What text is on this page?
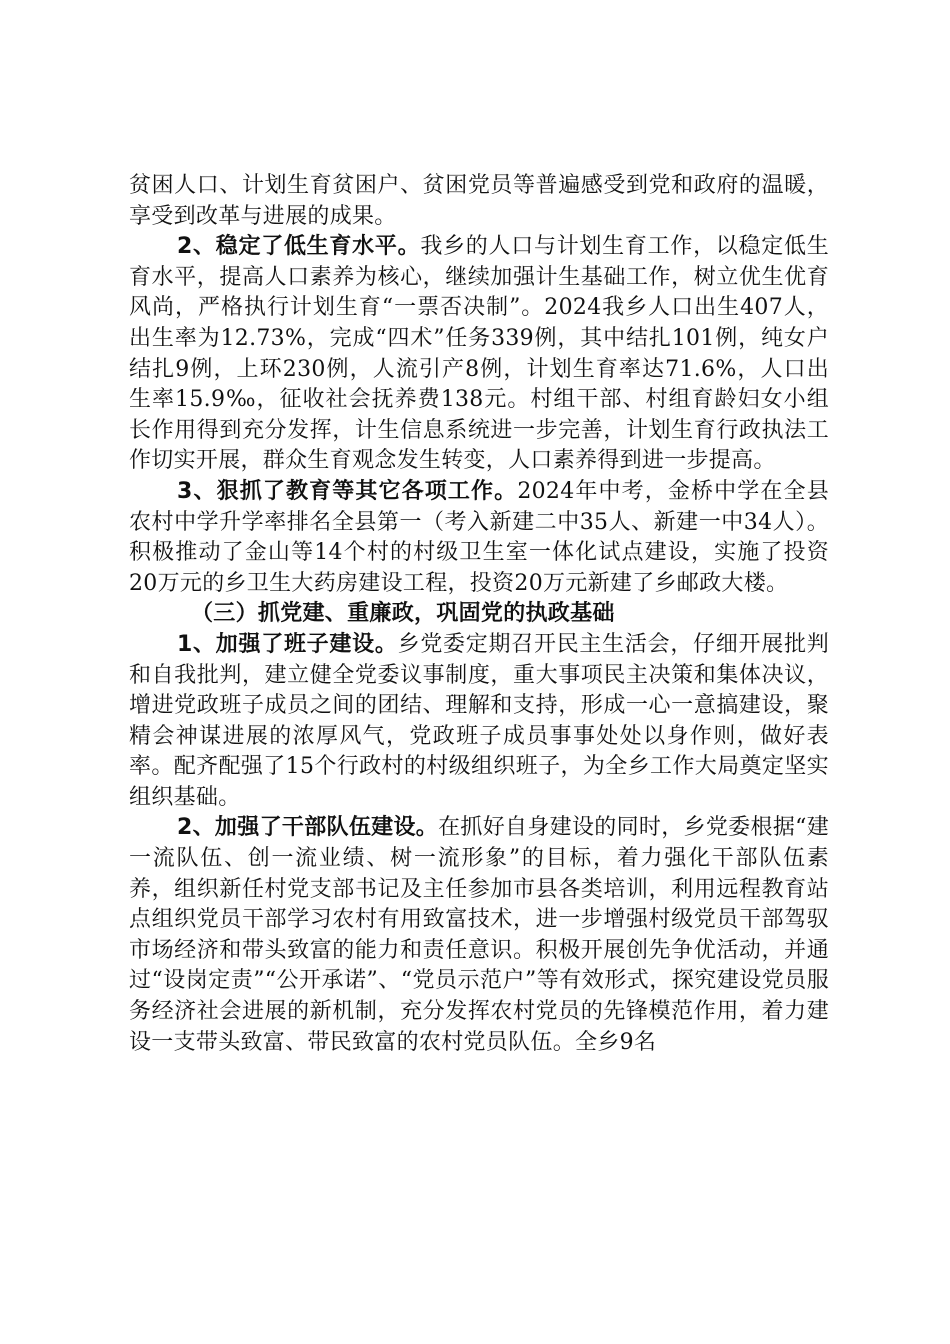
贫困人口、计划生育贫困户、贫困党员等普遍感受到党和政府的温暖，享受到改革与进展的成果。

2、稳定了低生育水平。我乡的人口与计划生育工作，以稳定低生育水平，提高人口素养为核心，继续加强计生基础工作，树立优生优育风尚，严格执行计划生育“一票否决制”。2024我乡人口出生407人，出生率为12.73%，完成“四术”任务339例，其中结扎101例，纯女户结扎9例，上环230例，人流引产8例，计划生育率达71.6%，人口出生率15.9‰，征收社会抚养费138元。村组干部、村组育龄妇女小组长作用得到充分发挥，计生信息系统进一步完善，计划生育行政执法工作切实开展，群众生育观念发生转变，人口素养得到进一步提高。

3、狠抓了教育等其它各项工作。2024年中考，金桥中学在全县农村中学升学率排名全县第一（考入新建二中35人、新建一中34人）。积极推动了金山等14个村的村级卫生室一体化试点建设，实施了投资20万元的乡卫生大药房建设工程，投资20万元新建了乡邮政大楼。

（三）抓党建、重廉政，巩固党的执政基础

1、加强了班子建设。乡党委定期召开民主生活会，仔细开展批判和自我批判，建立健全党委议事制度，重大事项民主决策和集体决议，增进党政班子成员之间的团结、理解和支持，形成一心一意搞建设，聚精会神谋进展的浓厚风气，党政班子成员事事处处以身作则，做好表率。配齐配强了15个行政村的村级组织班子，为全乡工作大局奠定坚实组织基础。

2、加强了干部队伍建设。在抓好自身建设的同时，乡党委根据“建一流队伍、创一流业绩、树一流形象”的目标，着力强化干部队伍素养，组织新任村党支部书记及主任参加市县各类培训，利用远程教育站点组织党员干部学习农村有用致富技术，进一步增强村级党员干部驾驭市场经济和带头致富的能力和责任意识。积极开展创先争优活动，并通过“设岗定责”“公开承诺”、“党员示范户”等有效形式，探究建设党员服务经济社会进展的新机制，充分发挥农村党员的先锋模范作用，着力建设一支带头致富、带民致富的农村党员队伍。全乡9名
